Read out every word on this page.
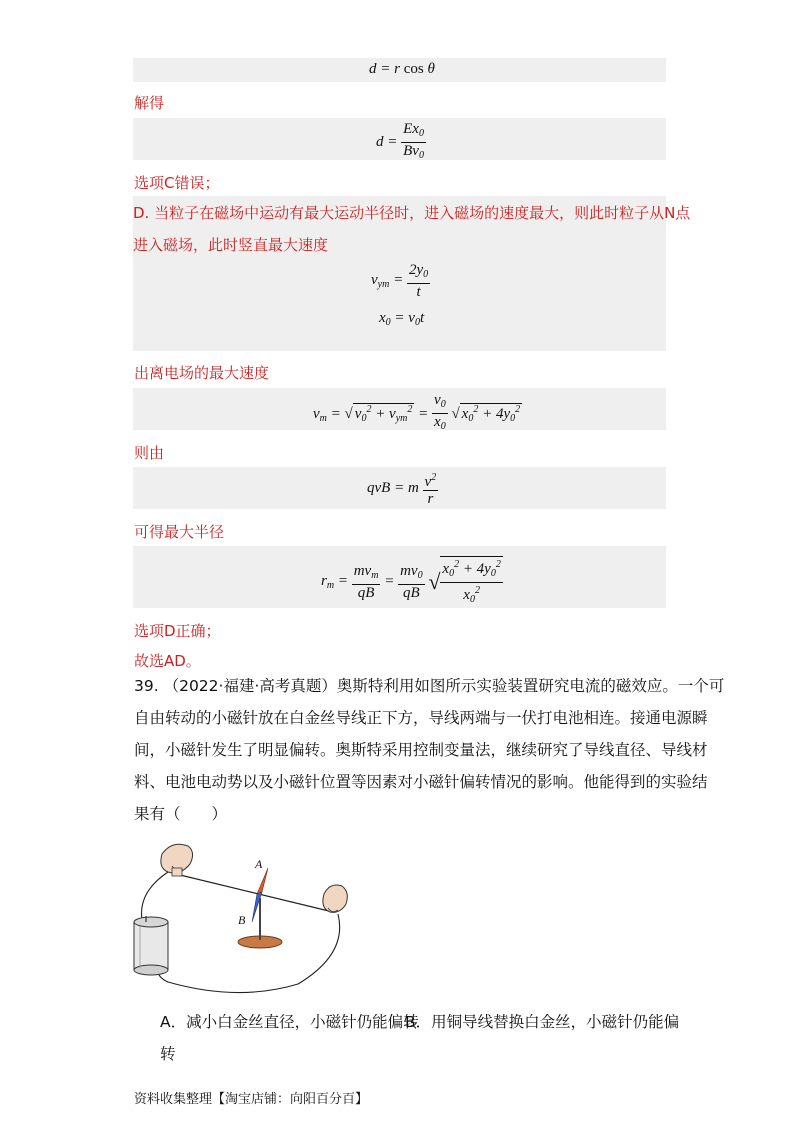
d = r cos θ
解得
$d = \frac{Ex_0}{Bv_0}$
选项C错误；
D. 当粒子在磁场中运动有最大运动半径时，进入磁场的速度最大，则此时粒子从N点
进入磁场，此时竖直最大速度
$v_{ym} = \frac{2y_0}{t}$
$x_0 = v_0t$
出离电场的最大速度
$v_m$ = √ $v_0^2 + v_{ym}^2 = \frac{v_0}{x_0}$ √ $x_0^2 + 4y_0^2$
则由
qvB = m $\frac{v^2}{r}$
可得最大半径
$r_m = \frac{mv_m}{qB} = \frac{mv_0}{qB}$ √ $\frac{x_0^2 + 4y_0^2}{x_0^2}$
选项D正确；
故选AD。
39. （2022·福建·高考真题）奥斯特利用如图所示实验装置研究电流的磁效应。一个可
自由转动的小磁针放在白金丝导线正下方，导线两端与一伏打电池相连。接通电源瞬
间，小磁针发生了明显偏转。奥斯特采用控制变量法，继续研究了导线直径、导线材
料、电池电动势以及小磁针位置等因素对小磁针偏转情况的影响。他能得到的实验结
果有（　　）
A
B
A．减小白金丝直径，小磁针仍能偏转
B．用铜导线替换白金丝，小磁针仍能偏
转
资料收集整理【淘宝店铺：向阳百分百】
